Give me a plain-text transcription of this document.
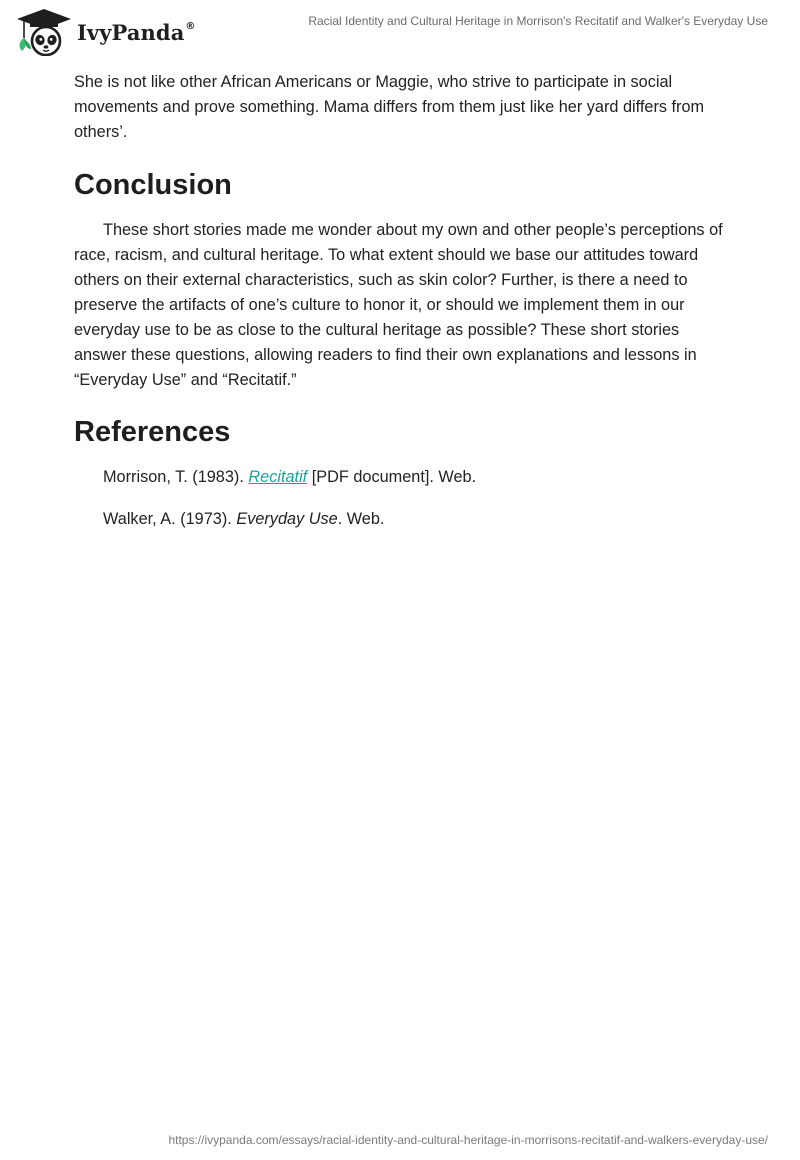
IvyPanda®	Racial Identity and Cultural Heritage in Morrison's Recitatif and Walker's Everyday Use

She is not like other African Americans or Maggie, who strive to participate in social movements and prove something. Mama differs from them just like her yard differs from others’.

Conclusion

These short stories made me wonder about my own and other people’s perceptions of race, racism, and cultural heritage. To what extent should we base our attitudes toward others on their external characteristics, such as skin color? Further, is there a need to preserve the artifacts of one’s culture to honor it, or should we implement them in our everyday use to be as close to the cultural heritage as possible? These short stories answer these questions, allowing readers to find their own explanations and lessons in “Everyday Use” and “Recitatif.”

References

Morrison, T. (1983). Recitatif [PDF document]. Web.

Walker, A. (1973). Everyday Use. Web.

https://ivypanda.com/essays/racial-identity-and-cultural-heritage-in-morrisons-recitatif-and-walkers-everyday-use/
